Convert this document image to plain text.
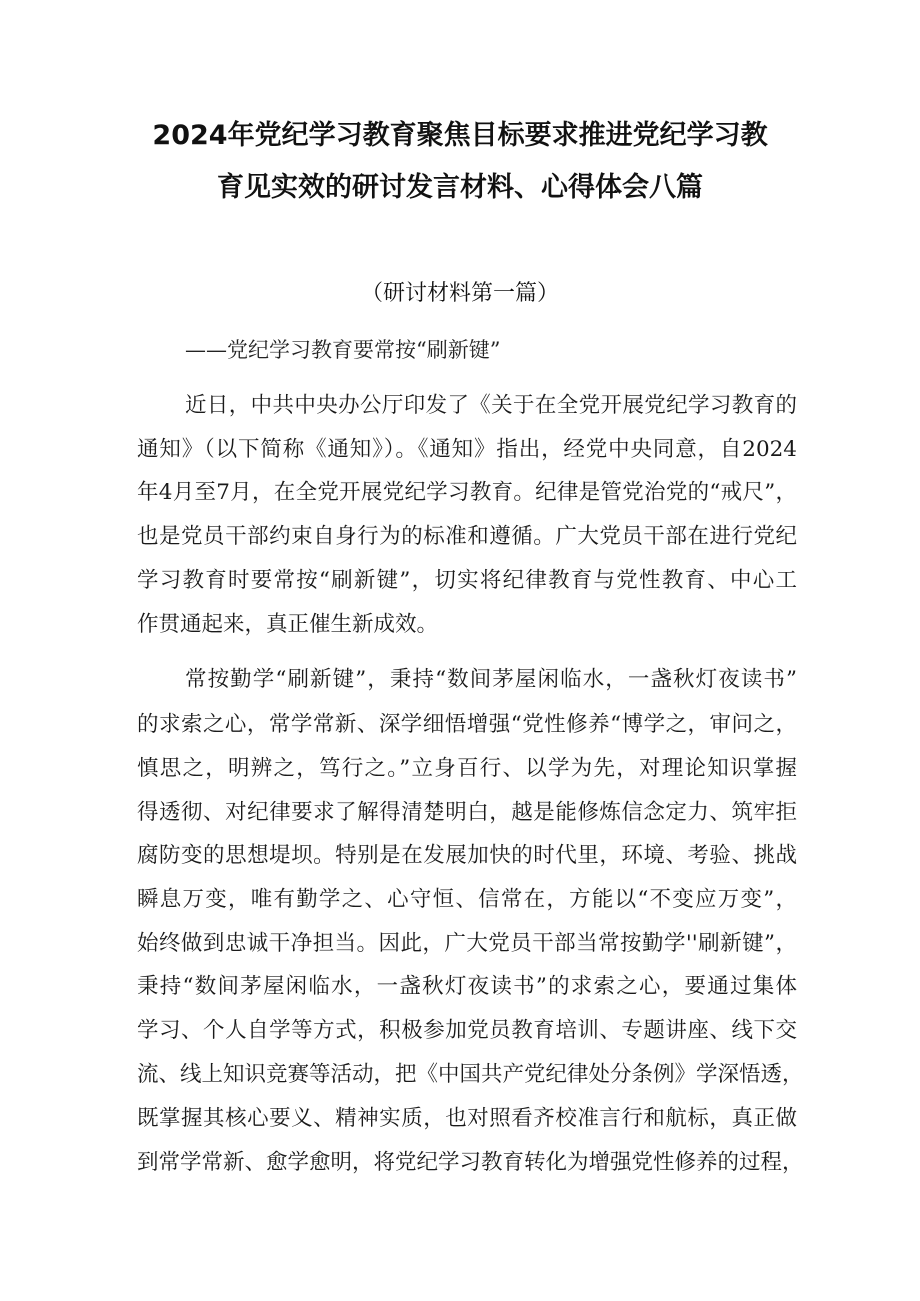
2024年党纪学习教育聚焦目标要求推进党纪学习教
育见实效的研讨发言材料、心得体会八篇
（研讨材料第一篇）
——党纪学习教育要常按“刷新键”
近日，中共中央办公厅印发了《关于在全党开展党纪学习教育的
通知》（以下简称《通知》）。《通知》指出，经党中央同意，自2024
年4月至7月，在全党开展党纪学习教育。纪律是管党治党的“戒尺”，
也是党员干部约束自身行为的标准和遵循。广大党员干部在进行党纪
学习教育时要常按“刷新键”，切实将纪律教育与党性教育、中心工
作贯通起来，真正催生新成效。
常按勤学“刷新键”，秉持“数间茅屋闲临水，一盏秋灯夜读书”
的求索之心，常学常新、深学细悟增强“党性修养“博学之，审问之，
慎思之，明辨之，笃行之。”立身百行、以学为先，对理论知识掌握
得透彻、对纪律要求了解得清楚明白，越是能修炼信念定力、筑牢拒
腐防变的思想堤坝。特别是在发展加快的时代里，环境、考验、挑战
瞬息万变，唯有勤学之、心守恒、信常在，方能以“不变应万变”，
始终做到忠诚干净担当。因此，广大党员干部当常按勤学''刷新键”，
秉持“数间茅屋闲临水，一盏秋灯夜读书”的求索之心，要通过集体
学习、个人自学等方式，积极参加党员教育培训、专题讲座、线下交
流、线上知识竞赛等活动，把《中国共产党纪律处分条例》学深悟透，
既掌握其核心要义、精神实质，也对照看齐校准言行和航标，真正做
到常学常新、愈学愈明，将党纪学习教育转化为增强党性修养的过程，
